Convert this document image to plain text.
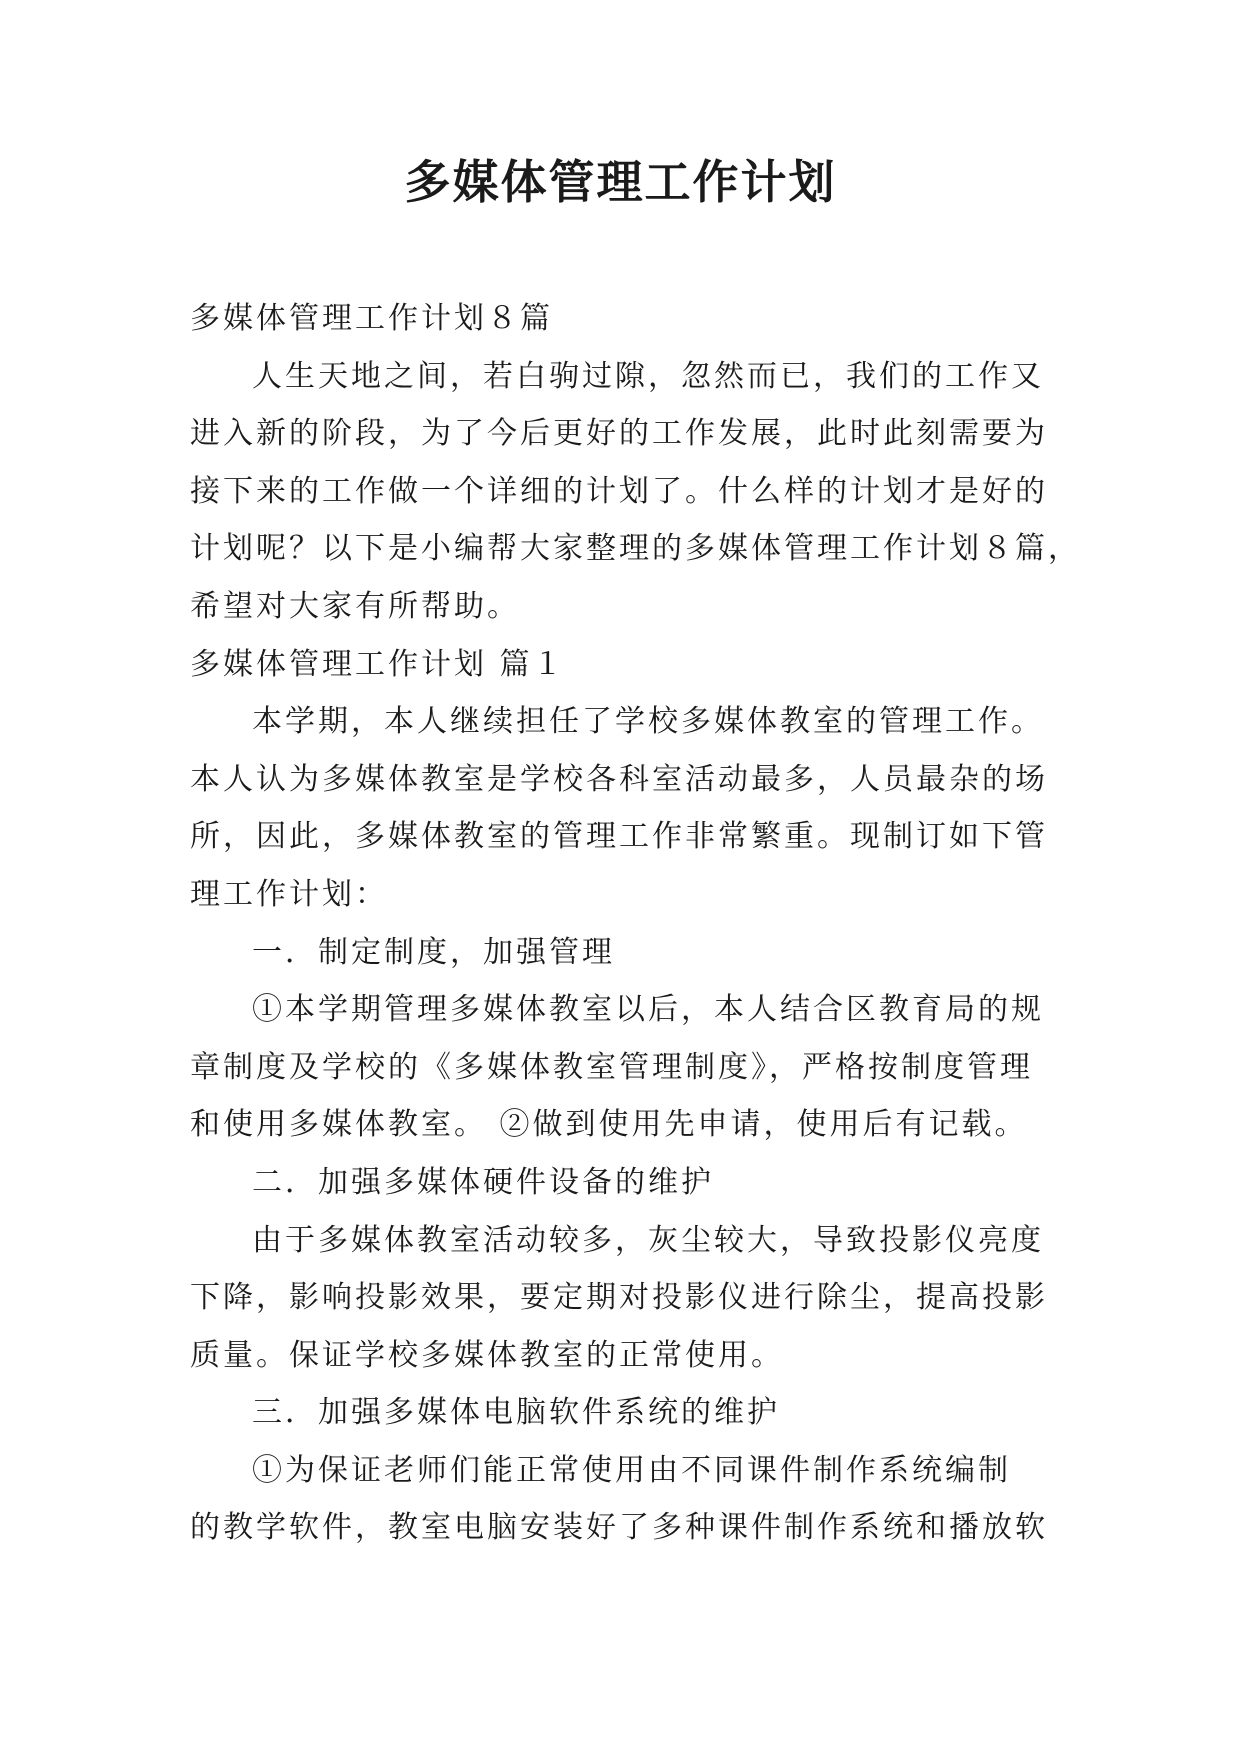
多媒体管理工作计划
多媒体管理工作计划８篇
人生天地之间，若白驹过隙，忽然而已，我们的工作又
进入新的阶段，为了今后更好的工作发展，此时此刻需要为
接下来的工作做一个详细的计划了。什么样的计划才是好的
计划呢？以下是小编帮大家整理的多媒体管理工作计划８篇，
希望对大家有所帮助。
多媒体管理工作计划 篇１
本学期，本人继续担任了学校多媒体教室的管理工作。
本人认为多媒体教室是学校各科室活动最多，人员最杂的场
所，因此，多媒体教室的管理工作非常繁重。现制订如下管
理工作计划：
一．制定制度，加强管理
①本学期管理多媒体教室以后，本人结合区教育局的规
章制度及学校的《多媒体教室管理制度》，严格按制度管理
和使用多媒体教室。 ②做到使用先申请，使用后有记载。
二．加强多媒体硬件设备的维护
由于多媒体教室活动较多，灰尘较大，导致投影仪亮度
下降，影响投影效果，要定期对投影仪进行除尘，提高投影
质量。保证学校多媒体教室的正常使用。
三．加强多媒体电脑软件系统的维护
①为保证老师们能正常使用由不同课件制作系统编制
的教学软件，教室电脑安装好了多种课件制作系统和播放软
